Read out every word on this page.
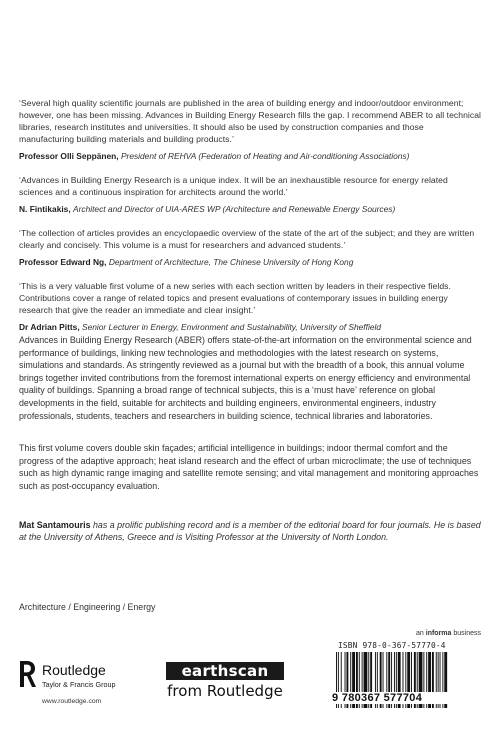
‘Several high quality scientific journals are published in the area of building energy and indoor/outdoor environment; however, one has been missing. Advances in Building Energy Research fills the gap. I recommend ABER to all technical libraries, research institutes and universities. It should also be used by construction companies and those manufacturing building materials and building products.’

Professor Olli Seppänen, President of REHVA (Federation of Heating and Air-conditioning Associations)

‘Advances in Building Energy Research is a unique index. It will be an inexhaustible resource for energy related sciences and a continuous inspiration for architects around the world.’

N. Fintikakis, Architect and Director of UIA-ARES WP (Architecture and Renewable Energy Sources)

‘The collection of articles provides an encyclopaedic overview of the state of the art of the subject; and they are written clearly and concisely. This volume is a must for researchers and advanced students.’

Professor Edward Ng, Department of Architecture, The Chinese University of Hong Kong

‘This is a very valuable first volume of a new series with each section written by leaders in their respective fields. Contributions cover a range of related topics and present evaluations of contemporary issues in building energy research that give the reader an immediate and clear insight.’

Dr Adrian Pitts, Senior Lecturer in Energy, Environment and Sustainability, University of Sheffield

Advances in Building Energy Research (ABER) offers state-of-the-art information on the environmental science and performance of buildings, linking new technologies and methodologies with the latest research on systems, simulations and standards. As stringently reviewed as a journal but with the breadth of a book, this annual volume brings together invited contributions from the foremost international experts on energy efficiency and environmental quality of buildings. Spanning a broad range of technical subjects, this is a ‘must have’ reference on global developments in the field, suitable for architects and building engineers, environmental engineers, industry professionals, students, teachers and researchers in building science, technical libraries and laboratories.

This first volume covers double skin façades; artificial intelligence in buildings; indoor thermal comfort and the progress of the adaptive approach; heat island research and the effect of urban microclimate; the use of techniques such as high dynamic range imaging and satellite remote sensing; and vital management and monitoring approaches such as post-occupancy evaluation.

Mat Santamouris has a prolific publishing record and is a member of the editorial board for four journals. He is based at the University of Athens, Greece and is Visiting Professor at the University of North London.

Architecture / Engineering / Energy
an informa business
ISBN 978-0-367-57770-4
9 780367 577704
Routledge
Taylor & Francis Group
www.routledge.com
earthscan
from Routledge
